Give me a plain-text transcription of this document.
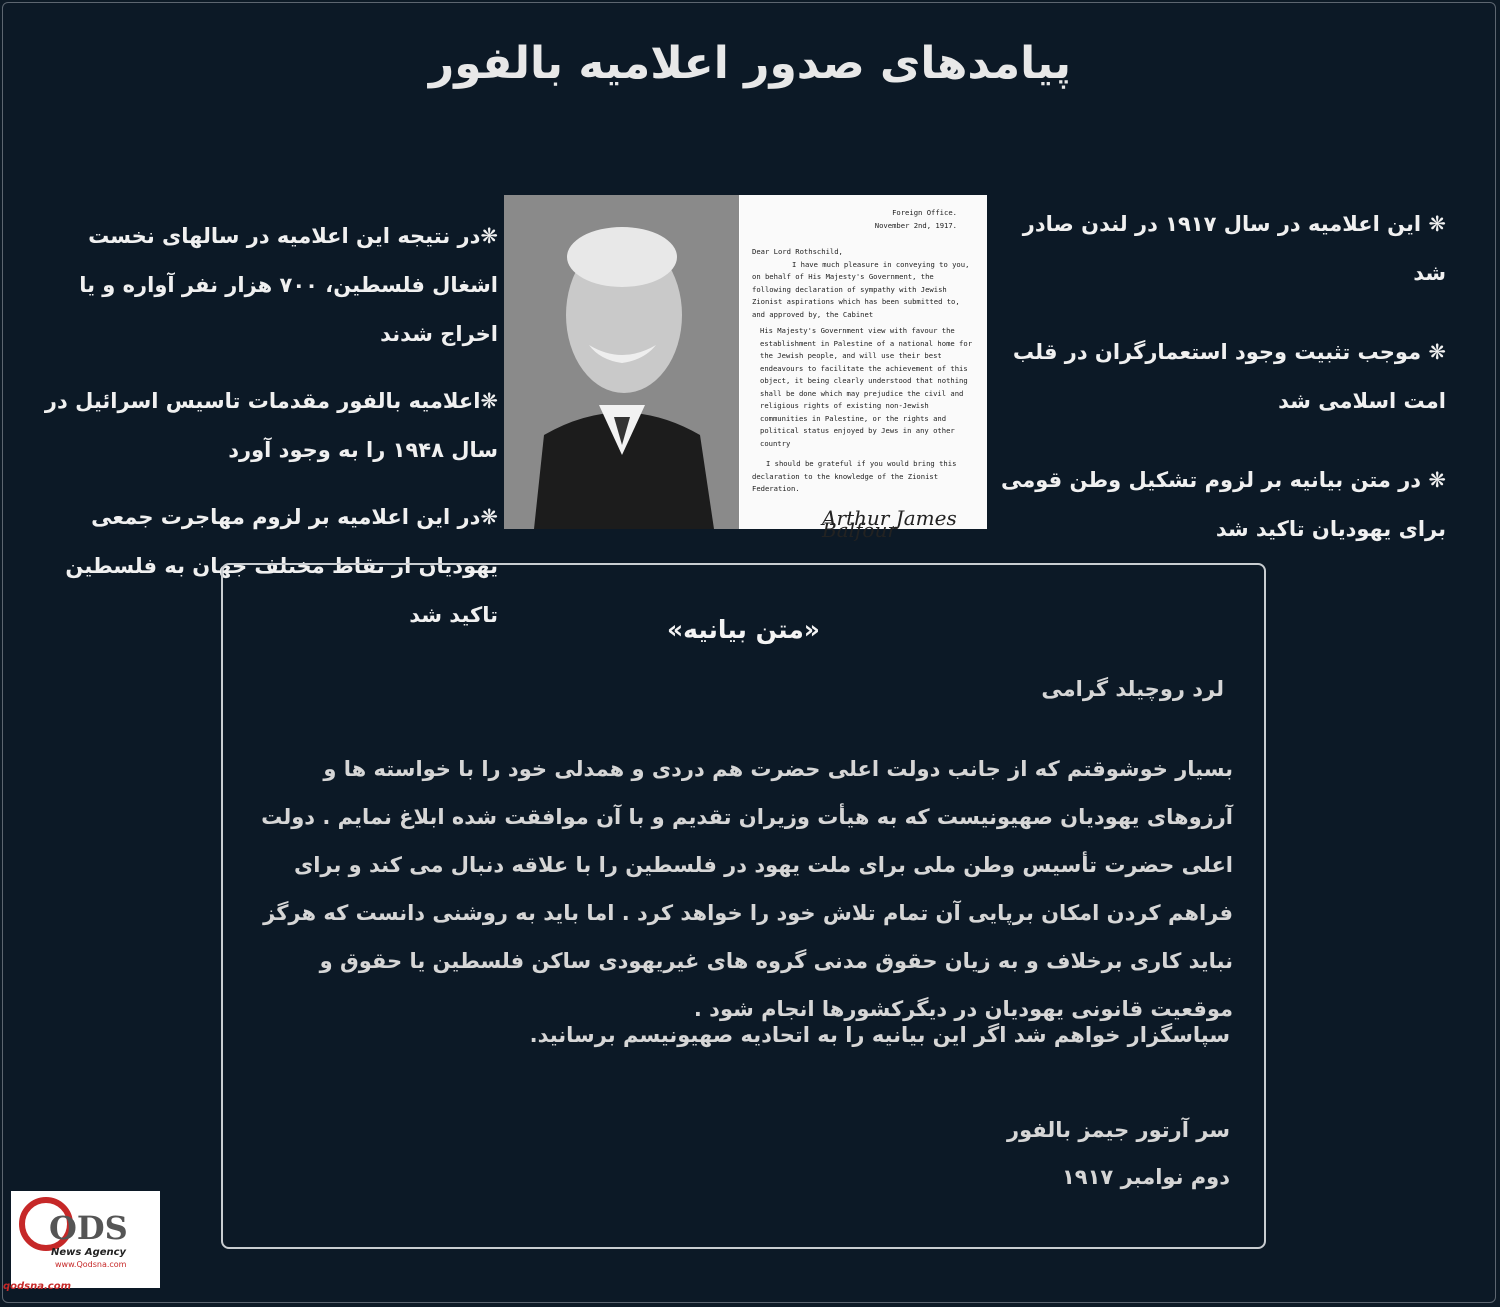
پیامدهای صدور اعلامیه بالفور

❋ این اعلامیه در سال ۱۹۱۷ در لندن صادر شد

❋ موجب تثبیت وجود استعمارگران در قلب امت اسلامی شد

❋ در متن بیانیه بر لزوم تشکیل وطن قومی برای یهودیان تاکید شد

❋در نتیجه این اعلامیه در سالهای نخست اشغال فلسطین، ۷۰۰ هزار نفر آواره و یا اخراج شدند

❋اعلامیه بالفور مقدمات تاسیس اسرائیل در سال ۱۹۴۸ را به وجود آورد

❋در این اعلامیه بر لزوم مهاجرت جمعی یهودیان از نقاط مختلف جهان به فلسطین تاکید شد

Foreign Office.
November 2nd, 1917.
Dear Lord Rothschild,
I have much pleasure in conveying to you, on behalf of His Majesty's Government, the following declaration of sympathy with Jewish Zionist aspirations which has been submitted to, and approved by, the Cabinet
His Majesty's Government view with favour the establishment in Palestine of a national home for the Jewish people, and will use their best endeavours to facilitate the achievement of this object, it being clearly understood that nothing shall be done which may prejudice the civil and religious rights of existing non-Jewish communities in Palestine, or the rights and political status enjoyed by Jews in any other country
I should be grateful if you would bring this declaration to the knowledge of the Zionist Federation.
Arthur James Balfour
«متن بیانیه»
لرد روچیلد گرامی
بسیار خوشوقتم که از جانب دولت اعلی حضرت هم دردی و همدلی خود را با خواسته ها و آرزوهای یهودیان صهیونیست که به هیأت وزیران تقدیم و با آن موافقت شده ابلاغ نمایم . دولت اعلی حضرت تأسیس وطن ملی برای ملت یهود در فلسطین را با علاقه دنبال می کند و برای فراهم کردن امکان برپایی آن تمام تلاش خود را خواهد کرد . اما باید به روشنی دانست که هرگز نباید کاری برخلاف و به زیان حقوق مدنی گروه های غیریهودی ساکن فلسطین یا حقوق و موقعیت قانونی یهودیان در دیگرکشورها انجام شود .
سپاسگزار خواهم شد اگر این بیانیه را به اتحادیه صهیونیسم برسانید.
سر آرتور جیمز بالفور
دوم نوامبر ۱۹۱۷
ODS
News Agency
www.Qodsna.com
qodsna.com
